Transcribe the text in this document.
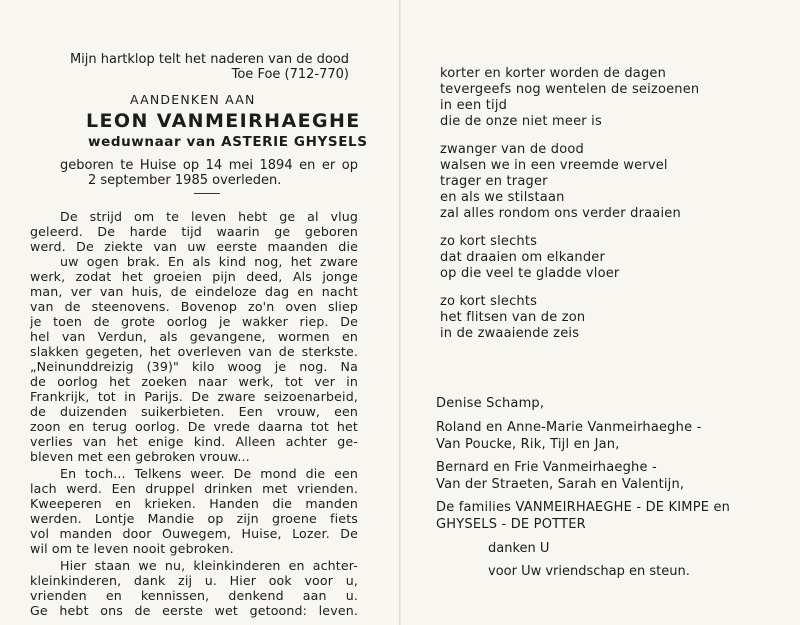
Mijn hartklop telt het naderen van de dood
Toe Foe (712-770)
AANDENKEN AAN
LEON VANMEIRHAEGHE
weduwnaar van ASTERIE GHYSELS
geboren te Huise op 14 mei 1894 en er op
2 september 1985 overleden.
De strijd om te leven hebt ge al vlug
geleerd. De harde tijd waarin ge geboren
werd. De ziekte van uw eerste maanden die
uw ogen brak. En als kind nog, het zware
werk, zodat het groeien pijn deed, Als jonge
man, ver van huis, de eindeloze dag en nacht
van de steenovens. Bovenop zo'n oven sliep
je toen de grote oorlog je wakker riep. De
hel van Verdun, als gevangene, wormen en
slakken gegeten, het overleven van de sterkste.
„Neinunddreizig (39)" kilo woog je nog. Na
de oorlog het zoeken naar werk, tot ver in
Frankrijk, tot in Parijs. De zware seizoenarbeid,
de duizenden suikerbieten. Een vrouw, een
zoon en terug oorlog. De vrede daarna tot het
verlies van het enige kind. Alleen achter ge-
bleven met een gebroken vrouw...
En toch... Telkens weer. De mond die een
lach werd. Een druppel drinken met vrienden.
Kweeperen en krieken. Handen die manden
werden. Lontje Mandie op zijn groene fiets
vol manden door Ouwegem, Huise, Lozer. De
wil om te leven nooit gebroken.
Hier staan we nu, kleinkinderen en achter-
kleinkinderen, dank zij u. Hier ook voor u,
vrienden en kennissen, denkend aan u.
Ge hebt ons de eerste wet getoond: leven.
korter en korter worden de dagen
tevergeefs nog wentelen de seizoenen
in een tijd
die de onze niet meer is
zwanger van de dood
walsen we in een vreemde wervel
trager en trager
en als we stilstaan
zal alles rondom ons verder draaien
zo kort slechts
dat draaien om elkander
op die veel te gladde vloer
zo kort slechts
het flitsen van de zon
in de zwaaiende zeis
Denise Schamp,
Roland en Anne-Marie Vanmeirhaeghe -
Van Poucke, Rik, Tijl en Jan,
Bernard en Frie Vanmeirhaeghe -
Van der Straeten, Sarah en Valentijn,
De families VANMEIRHAEGHE - DE KIMPE en
GHYSELS - DE POTTER
danken U
voor Uw vriendschap en steun.
